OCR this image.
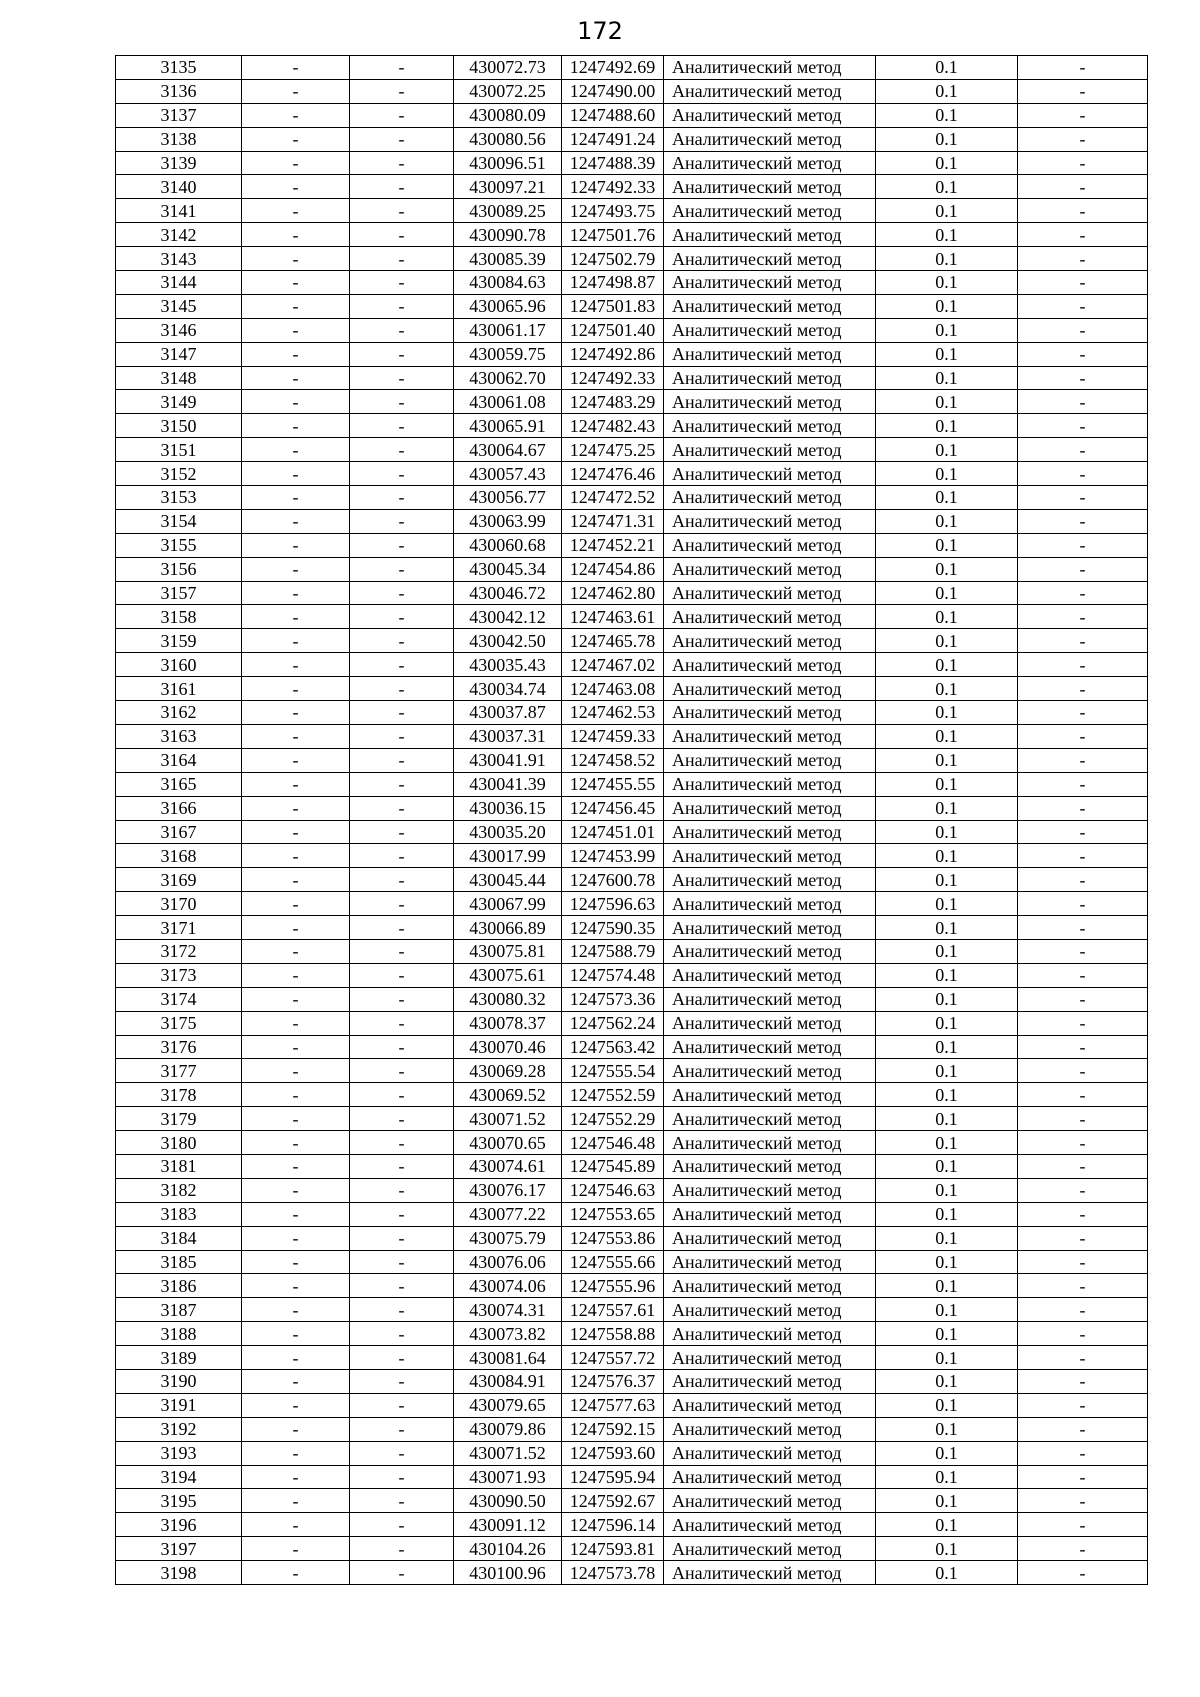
172
3135	-	-	430072.73	1247492.69	Аналитический метод	0.1	-
3136	-	-	430072.25	1247490.00	Аналитический метод	0.1	-
3137	-	-	430080.09	1247488.60	Аналитический метод	0.1	-
3138	-	-	430080.56	1247491.24	Аналитический метод	0.1	-
3139	-	-	430096.51	1247488.39	Аналитический метод	0.1	-
3140	-	-	430097.21	1247492.33	Аналитический метод	0.1	-
3141	-	-	430089.25	1247493.75	Аналитический метод	0.1	-
3142	-	-	430090.78	1247501.76	Аналитический метод	0.1	-
3143	-	-	430085.39	1247502.79	Аналитический метод	0.1	-
3144	-	-	430084.63	1247498.87	Аналитический метод	0.1	-
3145	-	-	430065.96	1247501.83	Аналитический метод	0.1	-
3146	-	-	430061.17	1247501.40	Аналитический метод	0.1	-
3147	-	-	430059.75	1247492.86	Аналитический метод	0.1	-
3148	-	-	430062.70	1247492.33	Аналитический метод	0.1	-
3149	-	-	430061.08	1247483.29	Аналитический метод	0.1	-
3150	-	-	430065.91	1247482.43	Аналитический метод	0.1	-
3151	-	-	430064.67	1247475.25	Аналитический метод	0.1	-
3152	-	-	430057.43	1247476.46	Аналитический метод	0.1	-
3153	-	-	430056.77	1247472.52	Аналитический метод	0.1	-
3154	-	-	430063.99	1247471.31	Аналитический метод	0.1	-
3155	-	-	430060.68	1247452.21	Аналитический метод	0.1	-
3156	-	-	430045.34	1247454.86	Аналитический метод	0.1	-
3157	-	-	430046.72	1247462.80	Аналитический метод	0.1	-
3158	-	-	430042.12	1247463.61	Аналитический метод	0.1	-
3159	-	-	430042.50	1247465.78	Аналитический метод	0.1	-
3160	-	-	430035.43	1247467.02	Аналитический метод	0.1	-
3161	-	-	430034.74	1247463.08	Аналитический метод	0.1	-
3162	-	-	430037.87	1247462.53	Аналитический метод	0.1	-
3163	-	-	430037.31	1247459.33	Аналитический метод	0.1	-
3164	-	-	430041.91	1247458.52	Аналитический метод	0.1	-
3165	-	-	430041.39	1247455.55	Аналитический метод	0.1	-
3166	-	-	430036.15	1247456.45	Аналитический метод	0.1	-
3167	-	-	430035.20	1247451.01	Аналитический метод	0.1	-
3168	-	-	430017.99	1247453.99	Аналитический метод	0.1	-
3169	-	-	430045.44	1247600.78	Аналитический метод	0.1	-
3170	-	-	430067.99	1247596.63	Аналитический метод	0.1	-
3171	-	-	430066.89	1247590.35	Аналитический метод	0.1	-
3172	-	-	430075.81	1247588.79	Аналитический метод	0.1	-
3173	-	-	430075.61	1247574.48	Аналитический метод	0.1	-
3174	-	-	430080.32	1247573.36	Аналитический метод	0.1	-
3175	-	-	430078.37	1247562.24	Аналитический метод	0.1	-
3176	-	-	430070.46	1247563.42	Аналитический метод	0.1	-
3177	-	-	430069.28	1247555.54	Аналитический метод	0.1	-
3178	-	-	430069.52	1247552.59	Аналитический метод	0.1	-
3179	-	-	430071.52	1247552.29	Аналитический метод	0.1	-
3180	-	-	430070.65	1247546.48	Аналитический метод	0.1	-
3181	-	-	430074.61	1247545.89	Аналитический метод	0.1	-
3182	-	-	430076.17	1247546.63	Аналитический метод	0.1	-
3183	-	-	430077.22	1247553.65	Аналитический метод	0.1	-
3184	-	-	430075.79	1247553.86	Аналитический метод	0.1	-
3185	-	-	430076.06	1247555.66	Аналитический метод	0.1	-
3186	-	-	430074.06	1247555.96	Аналитический метод	0.1	-
3187	-	-	430074.31	1247557.61	Аналитический метод	0.1	-
3188	-	-	430073.82	1247558.88	Аналитический метод	0.1	-
3189	-	-	430081.64	1247557.72	Аналитический метод	0.1	-
3190	-	-	430084.91	1247576.37	Аналитический метод	0.1	-
3191	-	-	430079.65	1247577.63	Аналитический метод	0.1	-
3192	-	-	430079.86	1247592.15	Аналитический метод	0.1	-
3193	-	-	430071.52	1247593.60	Аналитический метод	0.1	-
3194	-	-	430071.93	1247595.94	Аналитический метод	0.1	-
3195	-	-	430090.50	1247592.67	Аналитический метод	0.1	-
3196	-	-	430091.12	1247596.14	Аналитический метод	0.1	-
3197	-	-	430104.26	1247593.81	Аналитический метод	0.1	-
3198	-	-	430100.96	1247573.78	Аналитический метод	0.1	-
